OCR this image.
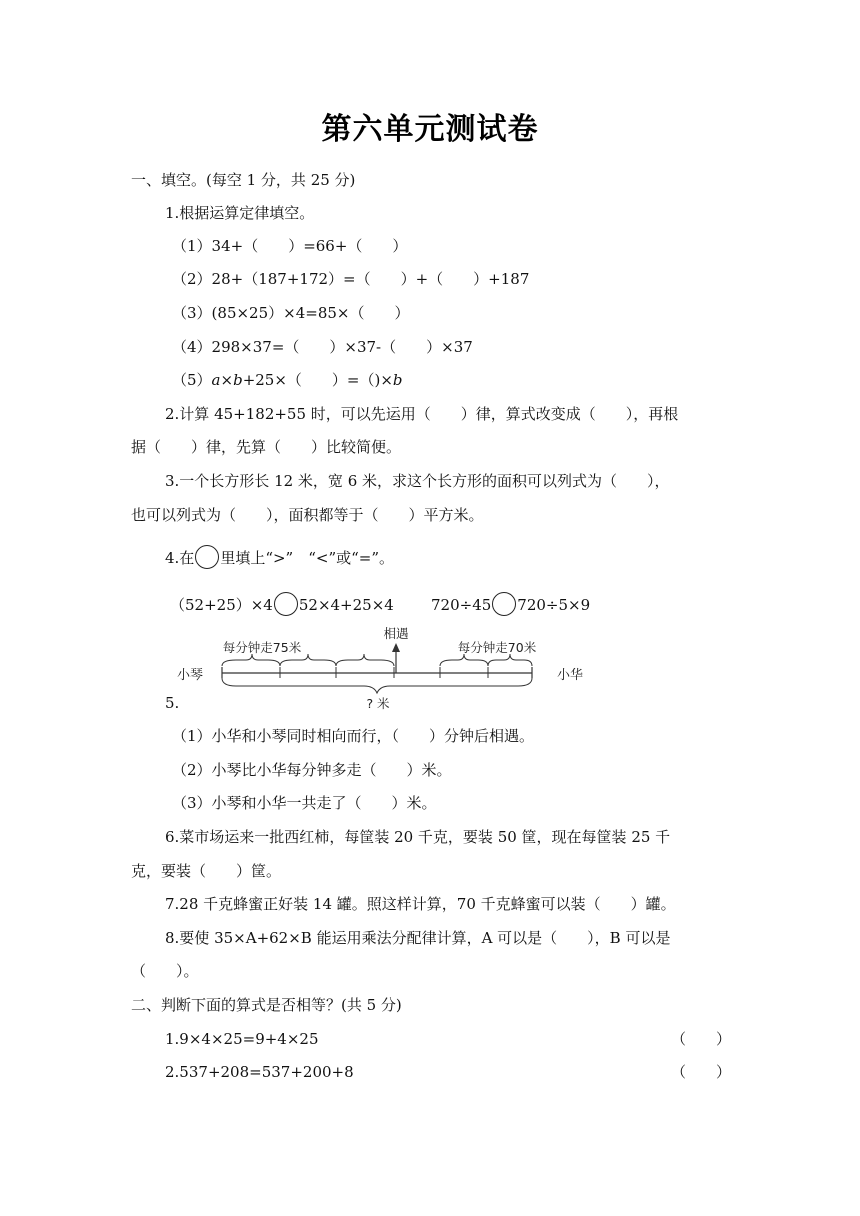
第六单元测试卷
一、填空。(每空 1 分，共 25 分)
1.根据运算定律填空。
（1）34+（　　）=66+（　　）
（2）28+（187+172）=（　　）+（　　）+187
（3）(85×25）×4=85×（　　）
（4）298×37=（　　）×37-（　　）×37
（5）a×b+25×（　　）=（)×b
2.计算 45+182+55 时，可以先运用（　　）律，算式改变成（　　），再根
据（　　）律，先算（　　）比较简便。
3.一个长方形长 12 米，宽 6 米，求这个长方形的面积可以列式为（　　），
也可以列式为（　　），面积都等于（　　）平方米。
4.在 里填上“>”　“<”或“=”。
（52+25）×4 52×4+25×4 720÷45 720÷5×9
每分钟走75米	每分钟走70米
相遇
小琴	小华
? 米
5.
（1）小华和小琴同时相向而行，（　　）分钟后相遇。
（2）小琴比小华每分钟多走（　　）米。
（3）小琴和小华一共走了（　　）米。
6.菜市场运来一批西红柿，每筐装 20 千克，要装 50 筐，现在每筐装 25 千
克，要装（　　）筐。
7.28 千克蜂蜜正好装 14 罐。照这样计算，70 千克蜂蜜可以装（　　）罐。
8.要使 35×A+62×B 能运用乘法分配律计算，A 可以是（　　），B 可以是
（　　）。
二、判断下面的算式是否相等？(共 5 分)
1.9×4×25=9+4×25	（　　）
2.537+208=537+200+8	（　　）
